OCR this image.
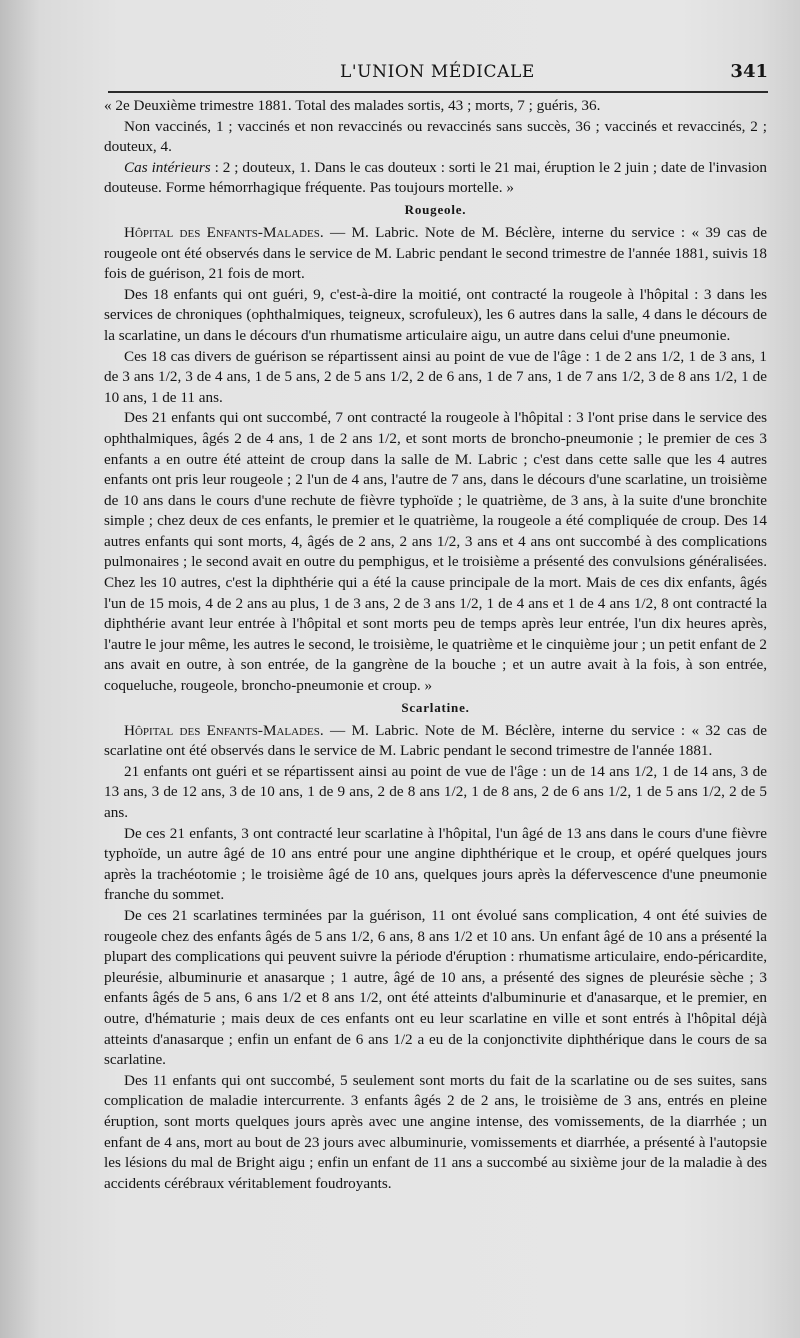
L'UNION MÉDICALE	341

« 2e Deuxième trimestre 1881. Total des malades sortis, 43 ; morts, 7 ; guéris, 36.

Non vaccinés, 1 ; vaccinés et non revaccinés ou revaccinés sans succès, 36 ; vaccinés et revaccinés, 2 ; douteux, 4.

Cas intérieurs : 2 ; douteux, 1. Dans le cas douteux : sorti le 21 mai, éruption le 2 juin ; date de l'invasion douteuse. Forme hémorrhagique fréquente. Pas toujours mortelle. »

Rougeole.

Hôpital des Enfants-Malades. — M. Labric. Note de M. Béclère, interne du service : « 39 cas de rougeole ont été observés dans le service de M. Labric pendant le second trimestre de l'année 1881, suivis 18 fois de guérison, 21 fois de mort.

Des 18 enfants qui ont guéri, 9, c'est-à-dire la moitié, ont contracté la rougeole à l'hôpital : 3 dans les services de chroniques (ophthalmiques, teigneux, scrofuleux), les 6 autres dans la salle, 4 dans le décours de la scarlatine, un dans le décours d'un rhumatisme articulaire aigu, un autre dans celui d'une pneumonie.

Ces 18 cas divers de guérison se répartissent ainsi au point de vue de l'âge : 1 de 2 ans 1/2, 1 de 3 ans, 1 de 3 ans 1/2, 3 de 4 ans, 1 de 5 ans, 2 de 5 ans 1/2, 2 de 6 ans, 1 de 7 ans, 1 de 7 ans 1/2, 3 de 8 ans 1/2, 1 de 10 ans, 1 de 11 ans.

Des 21 enfants qui ont succombé, 7 ont contracté la rougeole à l'hôpital : 3 l'ont prise dans le service des ophthalmiques, âgés 2 de 4 ans, 1 de 2 ans 1/2, et sont morts de broncho-pneumonie ; le premier de ces 3 enfants a en outre été atteint de croup dans la salle de M. Labric ; c'est dans cette salle que les 4 autres enfants ont pris leur rougeole ; 2 l'un de 4 ans, l'autre de 7 ans, dans le décours d'une scarlatine, un troisième de 10 ans dans le cours d'une rechute de fièvre typhoïde ; le quatrième, de 3 ans, à la suite d'une bronchite simple ; chez deux de ces enfants, le premier et le quatrième, la rougeole a été compliquée de croup. Des 14 autres enfants qui sont morts, 4, âgés de 2 ans, 2 ans 1/2, 3 ans et 4 ans ont succombé à des complications pulmonaires ; le second avait en outre du pemphigus, et le troisième a présenté des convulsions généralisées. Chez les 10 autres, c'est la diphthérie qui a été la cause principale de la mort. Mais de ces dix enfants, âgés l'un de 15 mois, 4 de 2 ans au plus, 1 de 3 ans, 2 de 3 ans 1/2, 1 de 4 ans et 1 de 4 ans 1/2, 8 ont contracté la diphthérie avant leur entrée à l'hôpital et sont morts peu de temps après leur entrée, l'un dix heures après, l'autre le jour même, les autres le second, le troisième, le quatrième et le cinquième jour ; un petit enfant de 2 ans avait en outre, à son entrée, de la gangrène de la bouche ; et un autre avait à la fois, à son entrée, coqueluche, rougeole, broncho-pneumonie et croup. »

Scarlatine.

Hôpital des Enfants-Malades. — M. Labric. Note de M. Béclère, interne du service : « 32 cas de scarlatine ont été observés dans le service de M. Labric pendant le second trimestre de l'année 1881.

21 enfants ont guéri et se répartissent ainsi au point de vue de l'âge : un de 14 ans 1/2, 1 de 14 ans, 3 de 13 ans, 3 de 12 ans, 3 de 10 ans, 1 de 9 ans, 2 de 8 ans 1/2, 1 de 8 ans, 2 de 6 ans 1/2, 1 de 5 ans 1/2, 2 de 5 ans.

De ces 21 enfants, 3 ont contracté leur scarlatine à l'hôpital, l'un âgé de 13 ans dans le cours d'une fièvre typhoïde, un autre âgé de 10 ans entré pour une angine diphthérique et le croup, et opéré quelques jours après la trachéotomie ; le troisième âgé de 10 ans, quelques jours après la défervescence d'une pneumonie franche du sommet.

De ces 21 scarlatines terminées par la guérison, 11 ont évolué sans complication, 4 ont été suivies de rougeole chez des enfants âgés de 5 ans 1/2, 6 ans, 8 ans 1/2 et 10 ans. Un enfant âgé de 10 ans a présenté la plupart des complications qui peuvent suivre la période d'éruption : rhumatisme articulaire, endo-péricardite, pleurésie, albuminurie et anasarque ; 1 autre, âgé de 10 ans, a présenté des signes de pleurésie sèche ; 3 enfants âgés de 5 ans, 6 ans 1/2 et 8 ans 1/2, ont été atteints d'albuminurie et d'anasarque, et le premier, en outre, d'hématurie ; mais deux de ces enfants ont eu leur scarlatine en ville et sont entrés à l'hôpital déjà atteints d'anasarque ; enfin un enfant de 6 ans 1/2 a eu de la conjonctivite diphthérique dans le cours de sa scarlatine.

Des 11 enfants qui ont succombé, 5 seulement sont morts du fait de la scarlatine ou de ses suites, sans complication de maladie intercurrente. 3 enfants âgés 2 de 2 ans, le troisième de 3 ans, entrés en pleine éruption, sont morts quelques jours après avec une angine intense, des vomissements, de la diarrhée ; un enfant de 4 ans, mort au bout de 23 jours avec albuminurie, vomissements et diarrhée, a présenté à l'autopsie les lésions du mal de Bright aigu ; enfin un enfant de 11 ans a succombé au sixième jour de la maladie à des accidents cérébraux véritablement foudroyants.
